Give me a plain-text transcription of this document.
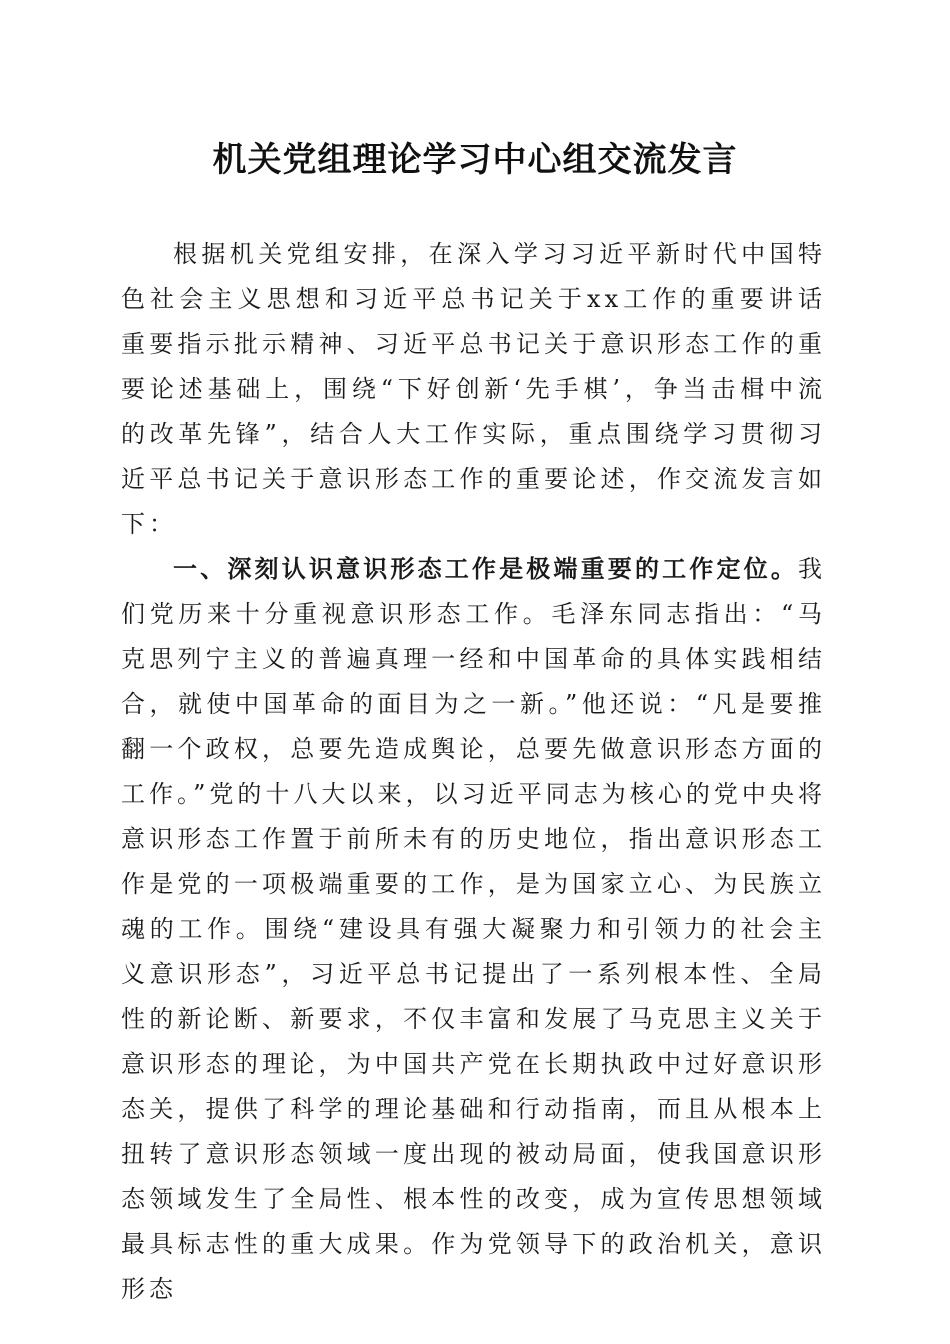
机关党组理论学习中心组交流发言

根据机关党组安排，在深入学习习近平新时代中国特色社会主义思想和习近平总书记关于xx工作的重要讲话重要指示批示精神、习近平总书记关于意识形态工作的重要论述基础上，围绕“下好创新‘先手棋’，争当击楫中流的改革先锋”，结合人大工作实际，重点围绕学习贯彻习近平总书记关于意识形态工作的重要论述，作交流发言如下：

一、深刻认识意识形态工作是极端重要的工作定位。我们党历来十分重视意识形态工作。毛泽东同志指出：“马克思列宁主义的普遍真理一经和中国革命的具体实践相结合，就使中国革命的面目为之一新。”他还说：“凡是要推翻一个政权，总要先造成舆论，总要先做意识形态方面的工作。”党的十八大以来，以习近平同志为核心的党中央将意识形态工作置于前所未有的历史地位，指出意识形态工作是党的一项极端重要的工作，是为国家立心、为民族立魂的工作。围绕“建设具有强大凝聚力和引领力的社会主义意识形态”，习近平总书记提出了一系列根本性、全局性的新论断、新要求，不仅丰富和发展了马克思主义关于意识形态的理论，为中国共产党在长期执政中过好意识形态关，提供了科学的理论基础和行动指南，而且从根本上扭转了意识形态领域一度出现的被动局面，使我国意识形态领域发生了全局性、根本性的改变，成为宣传思想领域最具标志性的重大成果。作为党领导下的政治机关，意识形态
